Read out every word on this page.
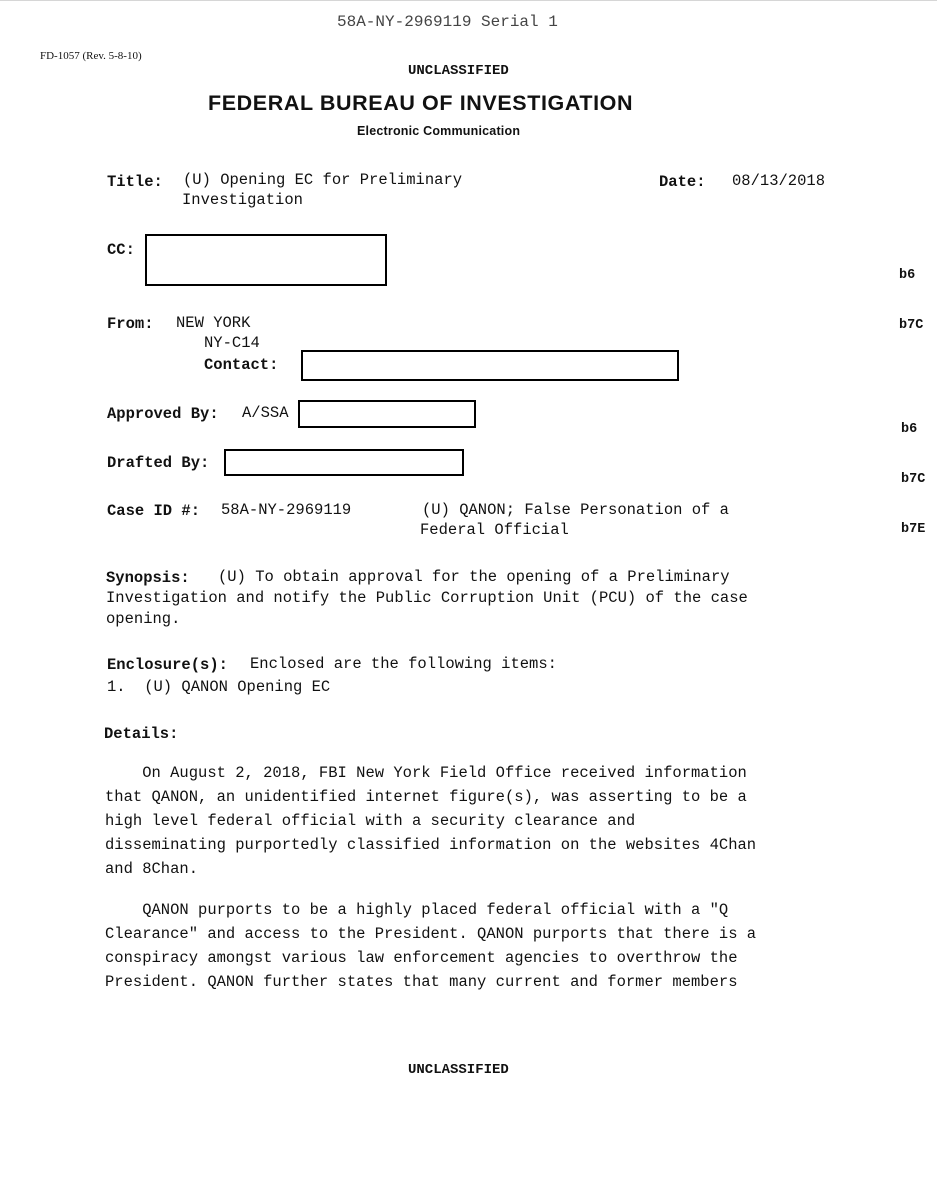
58A-NY-2969119 Serial 1
FD-1057 (Rev. 5-8-10)
UNCLASSIFIED
FEDERAL BUREAU OF INVESTIGATION
Electronic Communication
Title: (U) Opening EC for Preliminary
Investigation
Date: 08/13/2018
CC:

b6

b7C

From: NEW YORK
NY-C14
Contact:
Approved By: A/SSA

b6

b7C

b7E

Drafted By:
Case ID #: 58A-NY-2969119	(U) QANON; False Personation of a
Federal Official
Synopsis: (U) To obtain approval for the opening of a Preliminary
Investigation and notify the Public Corruption Unit (PCU) of the case
opening.
Enclosure(s): Enclosed are the following items:
1.  (U) QANON Opening EC
Details:
On August 2, 2018, FBI New York Field Office received information
that QANON, an unidentified internet figure(s), was asserting to be a
high level federal official with a security clearance and
disseminating purportedly classified information on the websites 4Chan
and 8Chan.
QANON purports to be a highly placed federal official with a "Q
Clearance" and access to the President. QANON purports that there is a
conspiracy amongst various law enforcement agencies to overthrow the
President. QANON further states that many current and former members
UNCLASSIFIED
